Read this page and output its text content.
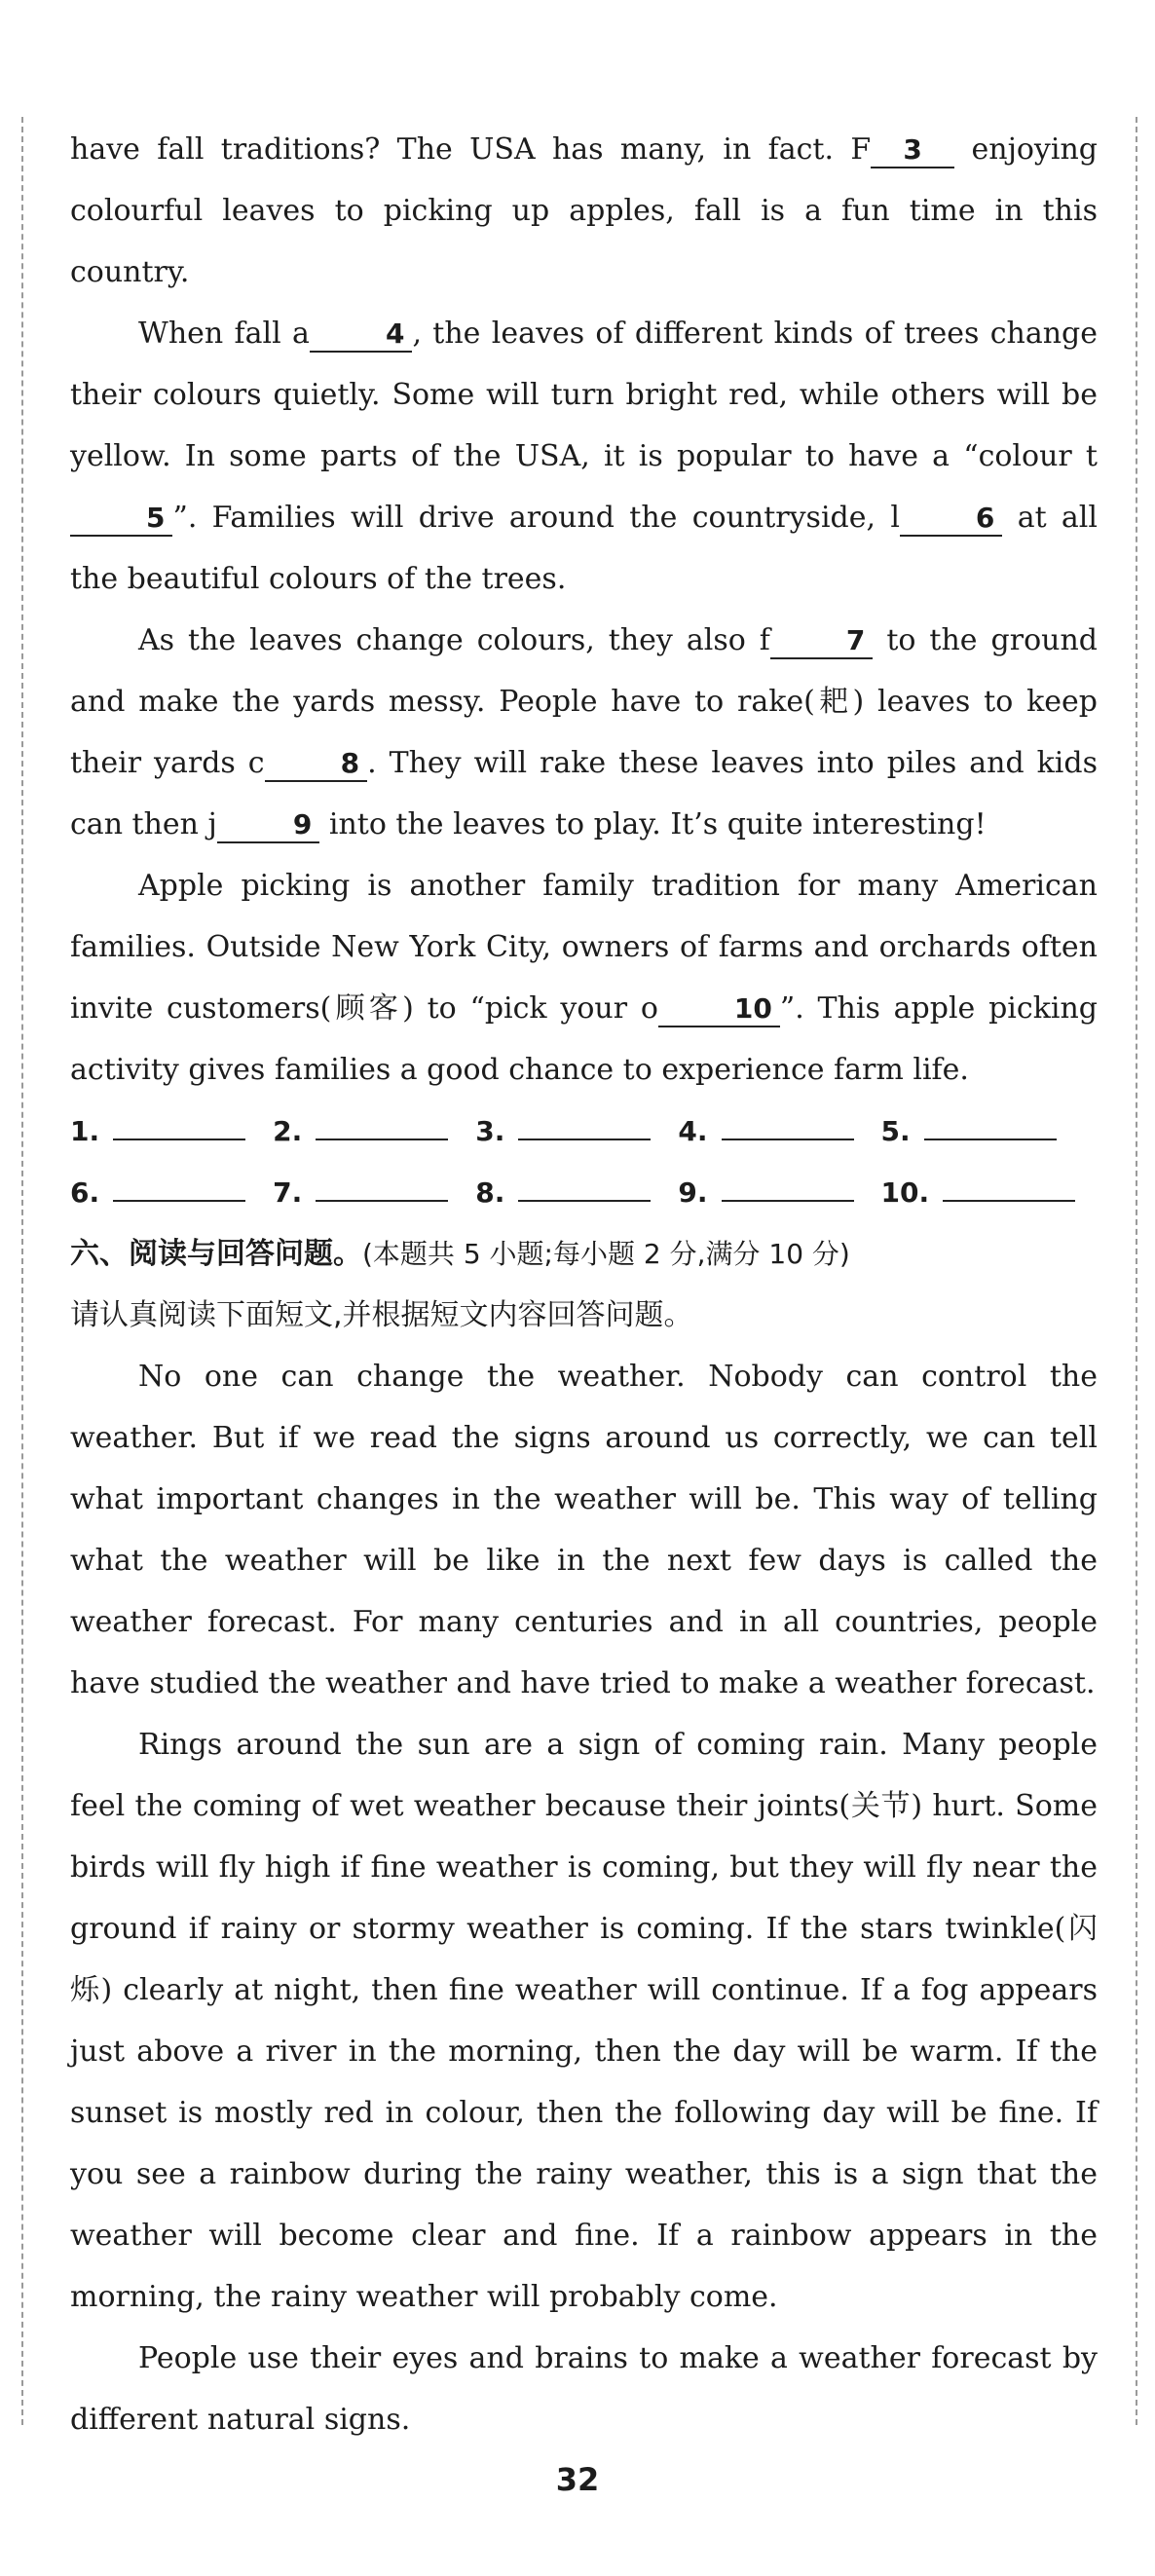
have fall traditions? The USA has many, in fact. F 3 enjoying colourful leaves to picking up apples, fall is a fun time in this country.

When fall a	4 , the leaves of different kinds of trees change their colours quietly. Some will turn bright red, while others will be yellow. In some parts of the USA, it is popular to have a “colour t5 ”. Families will drive around the countryside, l	6 at all the beautiful colours of the trees.

As the leaves change colours, they also f	7 to the ground and make the yards messy. People have to rake(耙) leaves to keep their yards c	8 . They will rake these leaves into piles and kids can then j	9 into the leaves to play. It’s quite interesting!

Apple picking is another family tradition for many American families. Outside New York City, owners of farms and orchards often invite customers(顾客) to “pick your o	10 ”. This apple picking activity gives families a good chance to experience farm life.

1.	2.	3.	4.	5.
6.	7.	8.	9.	10.

六、阅读与回答问题。(本题共 5 小题;每小题 2 分,满分 10 分)

请认真阅读下面短文,并根据短文内容回答问题。

No one can change the weather. Nobody can control the weather. But if we read the signs around us correctly, we can tell what important changes in the weather will be. This way of telling what the weather will be like in the next few days is called the weather forecast. For many centuries and in all countries, people have studied the weather and have tried to make a weather forecast.

Rings around the sun are a sign of coming rain. Many people feel the coming of wet weather because their joints(关节) hurt. Some birds will fly high if fine weather is coming, but they will fly near the ground if rainy or stormy weather is coming. If the stars twinkle(闪烁) clearly at night, then fine weather will continue. If a fog appears just above a river in the morning, then the day will be warm. If the sunset is mostly red in colour, then the following day will be fine. If you see a rainbow during the rainy weather, this is a sign that the weather will become clear and fine. If a rainbow appears in the morning, the rainy weather will probably come.

People use their eyes and brains to make a weather forecast by different natural signs.

32
